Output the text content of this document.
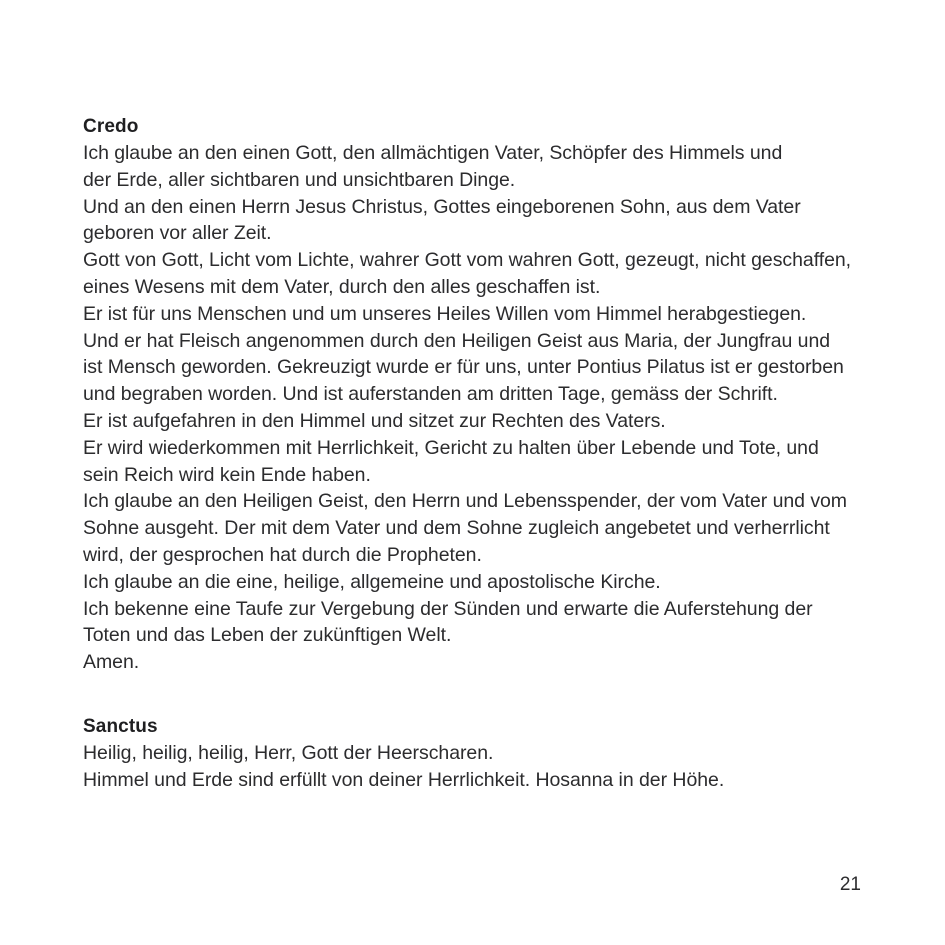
Credo

Ich glaube an den einen Gott, den allmächtigen Vater, Schöpfer des Himmels und

der Erde, aller sichtbaren und unsichtbaren Dinge.

Und an den einen Herrn Jesus Christus, Gottes eingeborenen Sohn, aus dem Vater

geboren vor aller Zeit.

Gott von Gott, Licht vom Lichte, wahrer Gott vom wahren Gott, gezeugt, nicht geschaffen,

eines Wesens mit dem Vater, durch den alles geschaffen ist.

Er ist für uns Menschen und um unseres Heiles Willen vom Himmel herabgestiegen.

Und er hat Fleisch angenommen durch den Heiligen Geist aus Maria, der Jungfrau und

ist Mensch geworden. Gekreuzigt wurde er für uns, unter Pontius Pilatus ist er gestorben

und begraben worden. Und ist auferstanden am dritten Tage, gemäss der Schrift.

Er ist aufgefahren in den Himmel und sitzet zur Rechten des Vaters.

Er wird wiederkommen mit Herrlichkeit, Gericht zu halten über Lebende und Tote, und

sein Reich wird kein Ende haben.

Ich glaube an den Heiligen Geist, den Herrn und Lebensspender, der vom Vater und vom

Sohne ausgeht. Der mit dem Vater und dem Sohne zugleich angebetet und verherrlicht

wird, der gesprochen hat durch die Propheten.

Ich glaube an die eine, heilige, allgemeine und apostolische Kirche.

Ich bekenne eine Taufe zur Vergebung der Sünden und erwarte die Auferstehung der

Toten und das Leben der zukünftigen Welt.

Amen.

Sanctus

Heilig, heilig, heilig, Herr, Gott der Heerscharen.

Himmel und Erde sind erfüllt von deiner Herrlichkeit. Hosanna in der Höhe.

21
